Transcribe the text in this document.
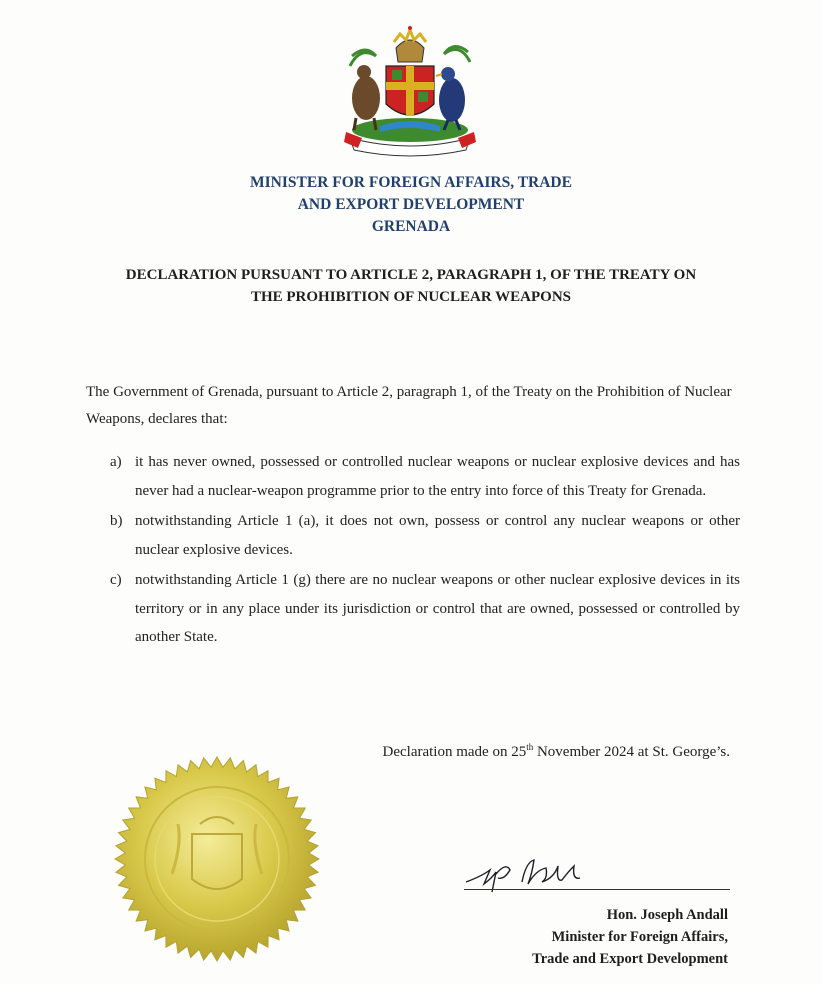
MINISTER FOR FOREIGN AFFAIRS, TRADE
AND EXPORT DEVELOPMENT
GRENADA
DECLARATION PURSUANT TO ARTICLE 2, PARAGRAPH 1, OF THE TREATY ON
THE PROHIBITION OF NUCLEAR WEAPONS
The Government of Grenada, pursuant to Article 2, paragraph 1, of the Treaty on the Prohibition of Nuclear Weapons, declares that:
a) it has never owned, possessed or controlled nuclear weapons or nuclear explosive devices and has never had a nuclear-weapon programme prior to the entry into force of this Treaty for Grenada.
b) notwithstanding Article 1 (a), it does not own, possess or control any nuclear weapons or other nuclear explosive devices.
c) notwithstanding Article 1 (g) there are no nuclear weapons or other nuclear explosive devices in its territory or in any place under its jurisdiction or control that are owned, possessed or controlled by another State.
Declaration made on 25th November 2024 at St. George’s.
Hon. Joseph Andall
Minister for Foreign Affairs,
Trade and Export Development
